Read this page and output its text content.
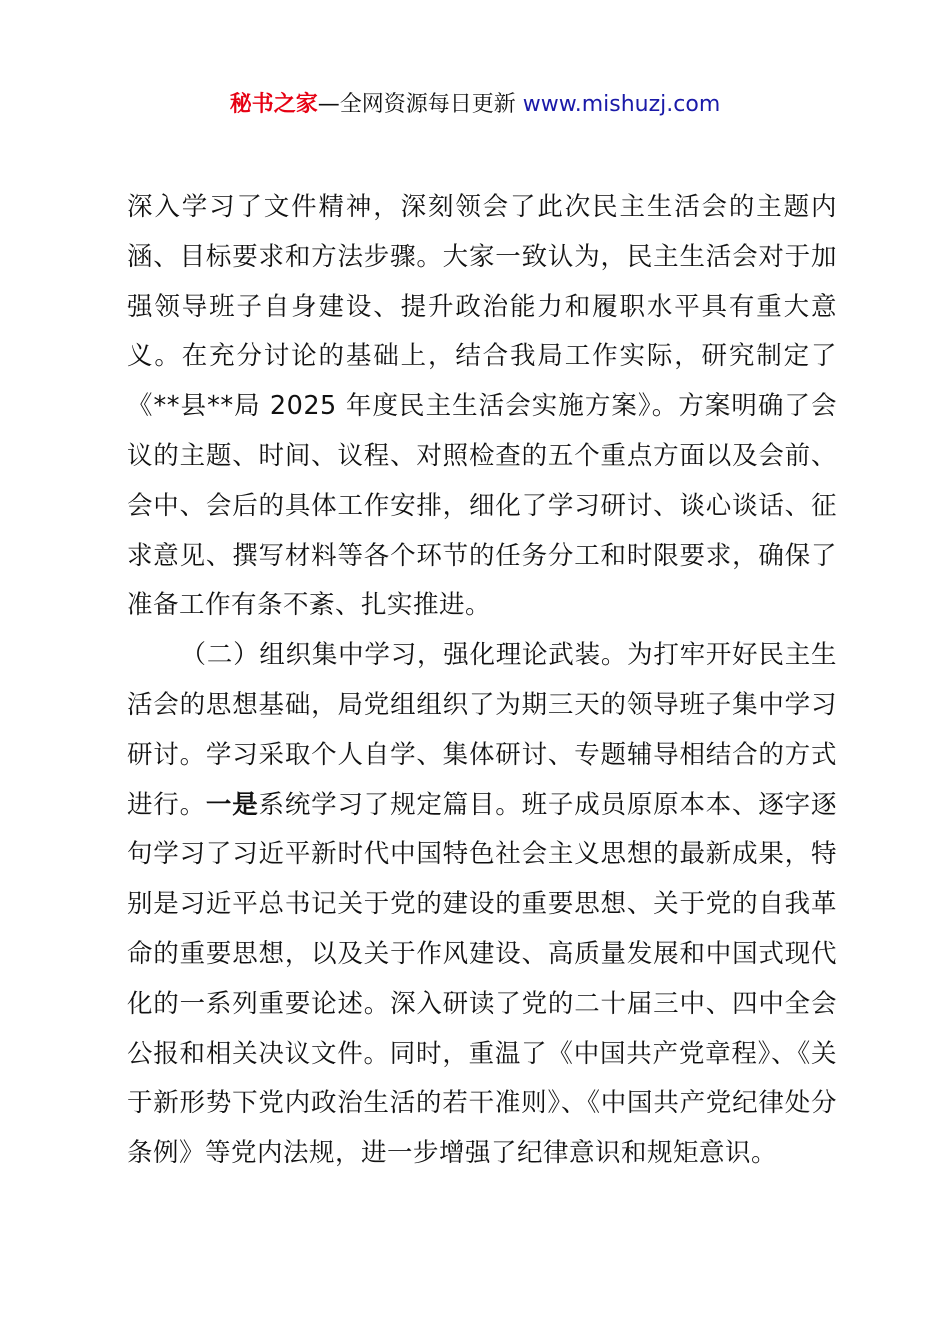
秘书之家—全网资源每日更新 www.mishuzj.com

深入学习了文件精神，深刻领会了此次民主生活会的主题内涵、目标要求和方法步骤。大家一致认为，民主生活会对于加强领导班子自身建设、提升政治能力和履职水平具有重大意义。在充分讨论的基础上，结合我局工作实际，研究制定了《**县**局 2025 年度民主生活会实施方案》。方案明确了会议的主题、时间、议程、对照检查的五个重点方面以及会前、会中、会后的具体工作安排，细化了学习研讨、谈心谈话、征求意见、撰写材料等各个环节的任务分工和时限要求，确保了准备工作有条不紊、扎实推进。

（二）组织集中学习，强化理论武装。为打牢开好民主生活会的思想基础，局党组组织了为期三天的领导班子集中学习研讨。学习采取个人自学、集体研讨、专题辅导相结合的方式进行。一是系统学习了规定篇目。班子成员原原本本、逐字逐句学习了习近平新时代中国特色社会主义思想的最新成果，特别是习近平总书记关于党的建设的重要思想、关于党的自我革命的重要思想，以及关于作风建设、高质量发展和中国式现代化的一系列重要论述。深入研读了党的二十届三中、四中全会公报和相关决议文件。同时，重温了《中国共产党章程》、《关于新形势下党内政治生活的若干准则》、《中国共产党纪律处分条例》等党内法规，进一步增强了纪律意识和规矩意识。
